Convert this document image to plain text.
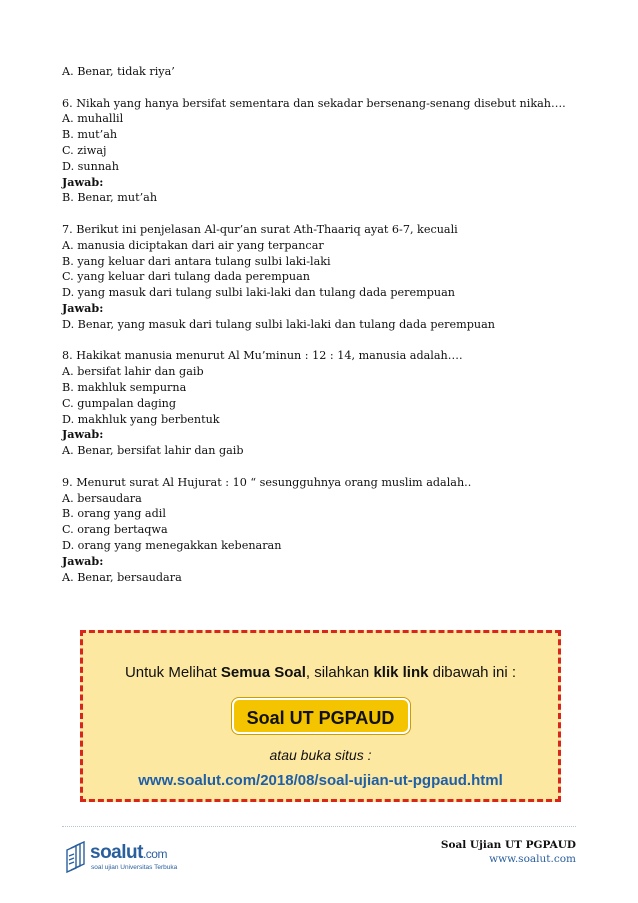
A. Benar, tidak riya’
6. Nikah yang hanya bersifat sementara dan sekadar bersenang-senang disebut nikah….
A. muhallil
B. mut’ah
C. ziwaj
D. sunnah
Jawab:
B. Benar, mut’ah
7. Berikut ini penjelasan Al-qur’an surat Ath-Thaariq ayat 6-7, kecuali
A. manusia diciptakan dari air yang terpancar
B. yang keluar dari antara tulang sulbi laki-laki
C. yang keluar dari tulang dada perempuan
D. yang masuk dari tulang sulbi laki-laki dan tulang dada perempuan
Jawab:
D. Benar, yang masuk dari tulang sulbi laki-laki dan tulang dada perempuan
8. Hakikat manusia menurut Al Mu’minun : 12 : 14, manusia adalah….
A. bersifat lahir dan gaib
B. makhluk sempurna
C. gumpalan daging
D. makhluk yang berbentuk
Jawab:
A. Benar, bersifat lahir dan gaib
9. Menurut surat Al Hujurat : 10 “ sesungguhnya orang muslim adalah..
A. bersaudara
B. orang yang adil
C. orang bertaqwa
D. orang yang menegakkan kebenaran
Jawab:
A. Benar, bersaudara
Untuk Melihat Semua Soal, silahkan klik link dibawah ini :
Soal UT PGPAUD
atau buka situs :
www.soalut.com/2018/08/soal-ujian-ut-pgpaud.html
soalut.com
soal ujian Universitas Terbuka
Soal Ujian UT PGPAUD
www.soalut.com
